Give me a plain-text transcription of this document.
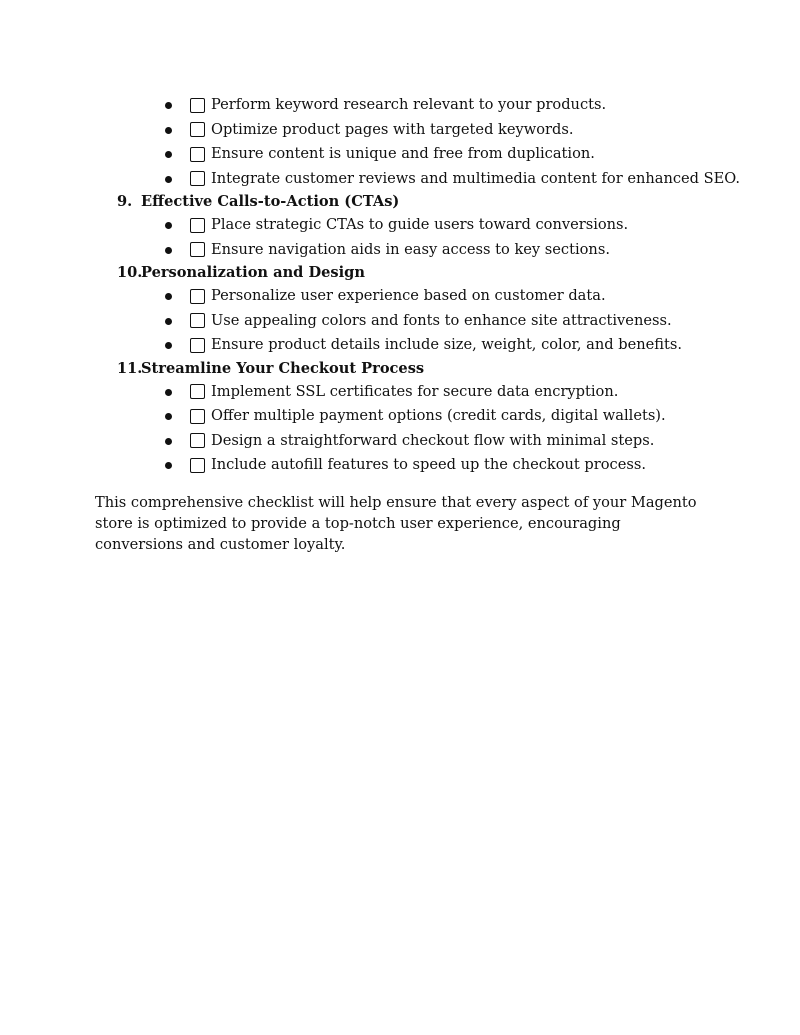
Perform keyword research relevant to your products.
Optimize product pages with targeted keywords.
Ensure content is unique and free from duplication.
Integrate customer reviews and multimedia content for enhanced SEO.
9. Effective Calls-to-Action (CTAs)
Place strategic CTAs to guide users toward conversions.
Ensure navigation aids in easy access to key sections.
10.
Personalization and Design
Personalize user experience based on customer data.
Use appealing colors and fonts to enhance site attractiveness.
Ensure product details include size, weight, color, and benefits.
11.
Streamline Your Checkout Process
Implement SSL certificates for secure data encryption.
Offer multiple payment options (credit cards, digital wallets).
Design a straightforward checkout flow with minimal steps.
Include autofill features to speed up the checkout process.

This comprehensive checklist will help ensure that every aspect of your Magento store is optimized to provide a top-notch user experience, encouraging conversions and customer loyalty.
